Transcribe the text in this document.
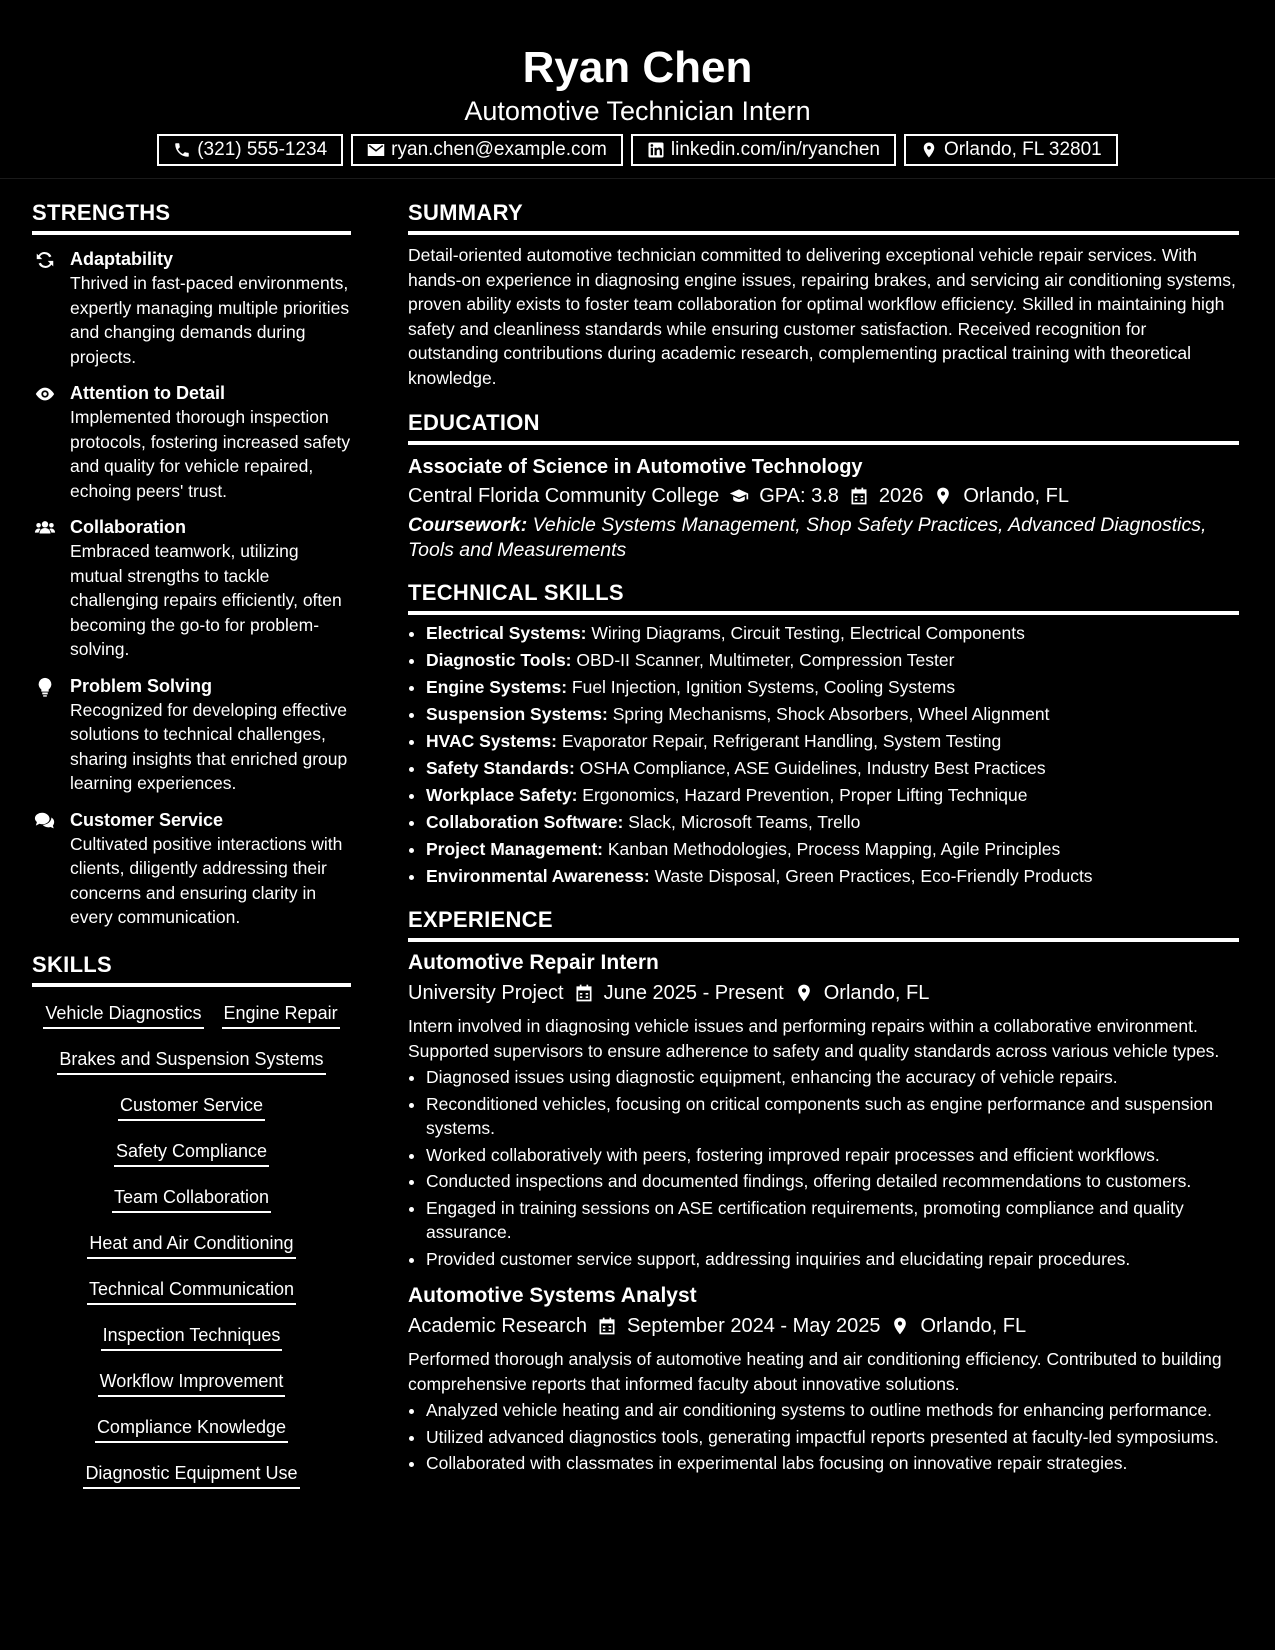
Ryan Chen
Automotive Technician Intern
(321) 555-1234	ryan.chen@example.com	linkedin.com/in/ryanchen	Orlando, FL 32801
STRENGTHS
Adaptability
Thrived in fast-paced environments, expertly managing multiple priorities and changing demands during projects.
Attention to Detail
Implemented thorough inspection protocols, fostering increased safety and quality for vehicle repaired, echoing peers' trust.
Collaboration
Embraced teamwork, utilizing mutual strengths to tackle challenging repairs efficiently, often becoming the go-to for problem-solving.
Problem Solving
Recognized for developing effective solutions to technical challenges, sharing insights that enriched group learning experiences.
Customer Service
Cultivated positive interactions with clients, diligently addressing their concerns and ensuring clarity in every communication.
SKILLS
Vehicle Diagnostics Engine Repair
Brakes and Suspension Systems
Customer Service
Safety Compliance
Team Collaboration
Heat and Air Conditioning
Technical Communication
Inspection Techniques
Workflow Improvement
Compliance Knowledge
Diagnostic Equipment Use
SUMMARY
Detail-oriented automotive technician committed to delivering exceptional vehicle repair services. With hands-on experience in diagnosing engine issues, repairing brakes, and servicing air conditioning systems, proven ability exists to foster team collaboration for optimal workflow efficiency. Skilled in maintaining high safety and cleanliness standards while ensuring customer satisfaction. Received recognition for outstanding contributions during academic research, complementing practical training with theoretical knowledge.
EDUCATION
Associate of Science in Automotive Technology
Central Florida Community College GPA: 3.8 2026 Orlando, FL
Coursework: Vehicle Systems Management, Shop Safety Practices, Advanced Diagnostics, Tools and Measurements
TECHNICAL SKILLS
• Electrical Systems: Wiring Diagrams, Circuit Testing, Electrical Components
• Diagnostic Tools: OBD-II Scanner, Multimeter, Compression Tester
• Engine Systems: Fuel Injection, Ignition Systems, Cooling Systems
• Suspension Systems: Spring Mechanisms, Shock Absorbers, Wheel Alignment
• HVAC Systems: Evaporator Repair, Refrigerant Handling, System Testing
• Safety Standards: OSHA Compliance, ASE Guidelines, Industry Best Practices
• Workplace Safety: Ergonomics, Hazard Prevention, Proper Lifting Technique
• Collaboration Software: Slack, Microsoft Teams, Trello
• Project Management: Kanban Methodologies, Process Mapping, Agile Principles
• Environmental Awareness: Waste Disposal, Green Practices, Eco-Friendly Products
EXPERIENCE
Automotive Repair Intern
University Project June 2025 - Present Orlando, FL
Intern involved in diagnosing vehicle issues and performing repairs within a collaborative environment. Supported supervisors to ensure adherence to safety and quality standards across various vehicle types.
• Diagnosed issues using diagnostic equipment, enhancing the accuracy of vehicle repairs.
• Reconditioned vehicles, focusing on critical components such as engine performance and suspension systems.
• Worked collaboratively with peers, fostering improved repair processes and efficient workflows.
• Conducted inspections and documented findings, offering detailed recommendations to customers.
• Engaged in training sessions on ASE certification requirements, promoting compliance and quality assurance.
• Provided customer service support, addressing inquiries and elucidating repair procedures.
Automotive Systems Analyst
Academic Research September 2024 - May 2025 Orlando, FL
Performed thorough analysis of automotive heating and air conditioning efficiency. Contributed to building comprehensive reports that informed faculty about innovative solutions.
• Analyzed vehicle heating and air conditioning systems to outline methods for enhancing performance.
• Utilized advanced diagnostics tools, generating impactful reports presented at faculty-led symposiums.
• Collaborated with classmates in experimental labs focusing on innovative repair strategies.
